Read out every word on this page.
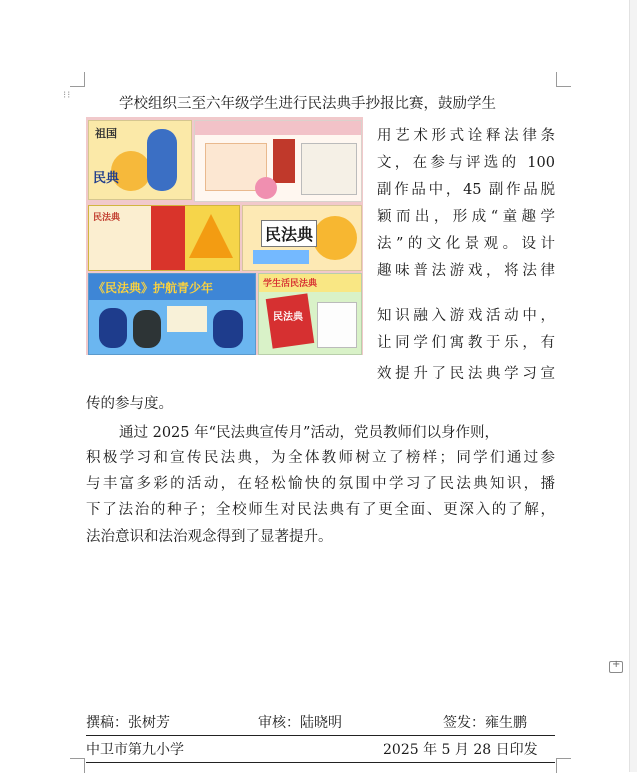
⁝⁝
+
学校组织三至六年级学生进行民法典手抄报比赛，鼓励学生
祖国
民典
民法典
民法典
《民法典》护航青少年	学生活民法典
民法典
用艺术形式诠释法律条
文，在参与评选的 100
副作品中，45 副作品脱
颖而出，形成“童趣学
法”的文化景观。设计
趣味普法游戏，将法律
知识融入游戏活动中，
让同学们寓教于乐，有
效提升了民法典学习宣
传的参与度。
通过 2025 年“民法典宣传月”活动，党员教师们以身作则，
积极学习和宣传民法典，为全体教师树立了榜样；同学们通过参
与丰富多彩的活动，在轻松愉快的氛围中学习了民法典知识，播
下了法治的种子；全校师生对民法典有了更全面、更深入的了解，
法治意识和法治观念得到了显著提升。
撰稿：张树芳	审核：陆晓明	签发：雍生鹏
中卫市第九小学	2025 年 5 月 28 日印发
